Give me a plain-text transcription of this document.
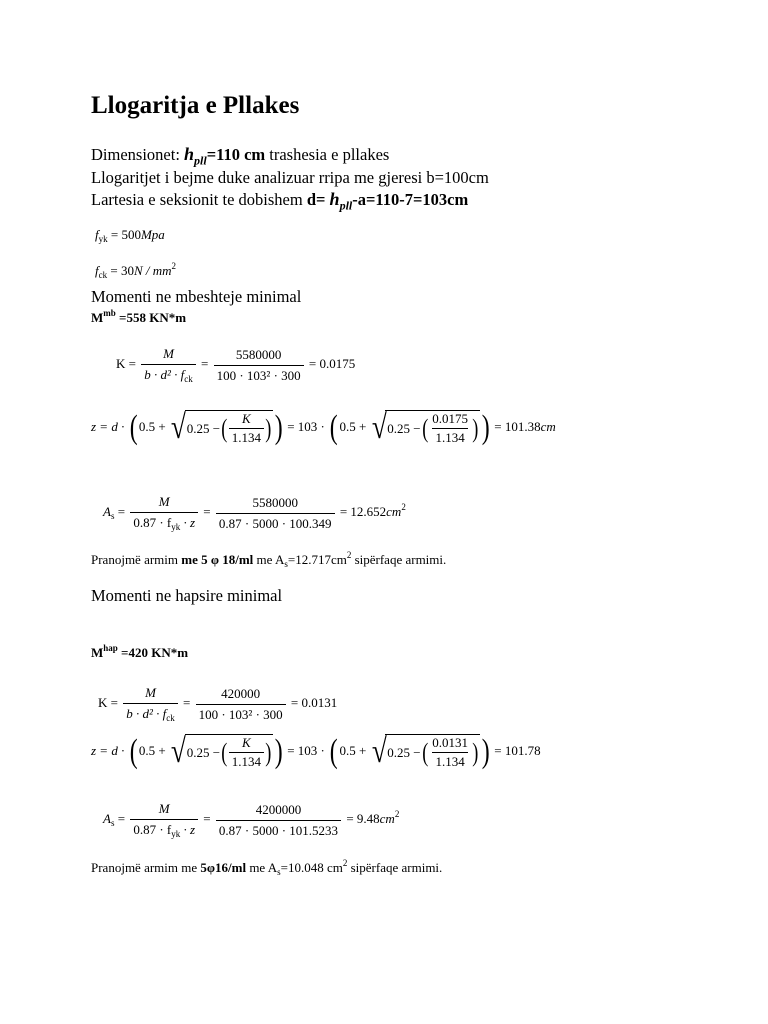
Llogaritja e Pllakes
Dimensionet: $h_{pll}=110$ cm trashesia e pllakes
Llogaritjet i bejme duke analizuar rripa me gjeresi b=100cm
Lartesia e seksionit te dobishem $d= h_{pll}-a=110-7=103cm$
$f_{yk} = 500Mpa$
$f_{ck} = 30N / mm^2$
Momenti ne mbeshteje minimal
$M^{mb} =558$ KN*m
$K = \frac{M}{b \cdot d^2 \cdot f_{ck}} = \frac{5580000}{\text{100 · 103² · 300}} = 0.0175$
z = d · ( 0.5 + √ 0.25 − ( $\frac{K}{1.134}$ ) ) = 103 · ( 0.5 + √ 0.25 − ( $\frac{0.0175}{1.134}$ ) ) = 101.38cm
$A_s = \frac{M}{0.87 \cdot f_{yk} \cdot z} = \frac{5580000}{0.87 \cdot 5000 \cdot 100.349} = 12.652cm^2$
Pranojmë armim me 5 φ 18/ml me $A_s=12.717cm^2$ sipërfaqe armimi.
Momenti ne hapsire minimal
$M^{hap} =420$ KN*m
$K = \frac{M}{b \cdot d^2 \cdot f_{ck}} = \frac{420000}{\text{100 · 103² · 300}} = 0.0131$
z = d · ( 0.5 + √ 0.25 − ( $\frac{K}{1.134}$ ) ) = 103 · ( 0.5 + √ 0.25 − ( $\frac{0.0131}{1.134}$ ) ) = 101.78
$A_s = \frac{M}{0.87 \cdot f_{yk} \cdot z} = \frac{4200000}{0.87 \cdot 5000 \cdot 101.5233} = 9.48cm^2$
Pranojmë armim me 5φ16/ml me $A_s=10.048$ $cm^2$ sipërfaqe armimi.
